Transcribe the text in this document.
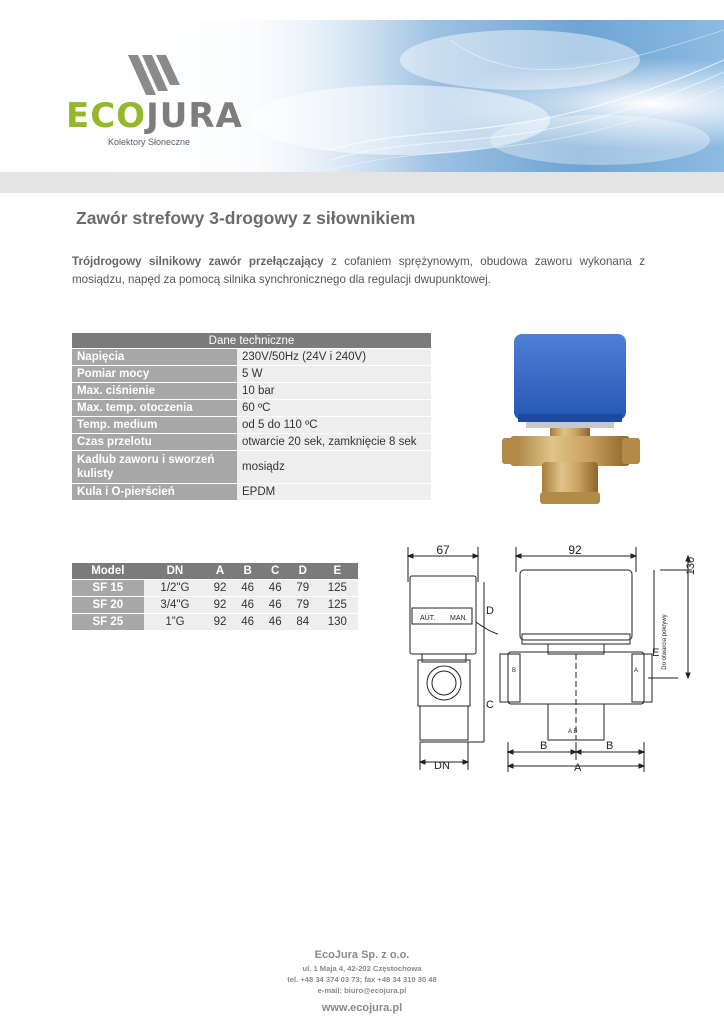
ECOJURA
Kolektory Słoneczne
Zawór strefowy 3-drogowy z siłownikiem
Trójdrogowy silnikowy zawór przełączający z cofaniem sprężynowym, obudowa zaworu wykonana z mosiądzu, napęd za pomocą silnika synchronicznego dla regulacji dwupunktowej.
Dane techniczne	
Napięcia	230V/50Hz (24V i 240V)
Pomiar mocy	5 W
Max. ciśnienie	10 bar
Max. temp. otoczenia	60 ºC
Temp. medium	od 5 do 110 ºC
Czas przelotu	otwarcie 20 sek, zamknięcie 8 sek
Kadłub zaworu i sworzeń kulisty	mosiądz
Kula i O-pierścień	EPDM
Model	DN	A	B	C	D	E
SF 15	1/2"G	92	46	46	79	125
SF 20	3/4"G	92	46	46	79	125
SF 25	1”G	92	46	46	84	130
67	92
130
Do otwarcia pokrywy
AUT. MAN.
D
E
C
B	B
A
DN
B	A
A B
EcoJura Sp. z o.o.
ul. 1 Maja 4, 42-202 Częstochowa
tel. +48 34 374 03 73; fax +48 34 310 30 48
e-mail: biuro@ecojura.pl
www.ecojura.pl
